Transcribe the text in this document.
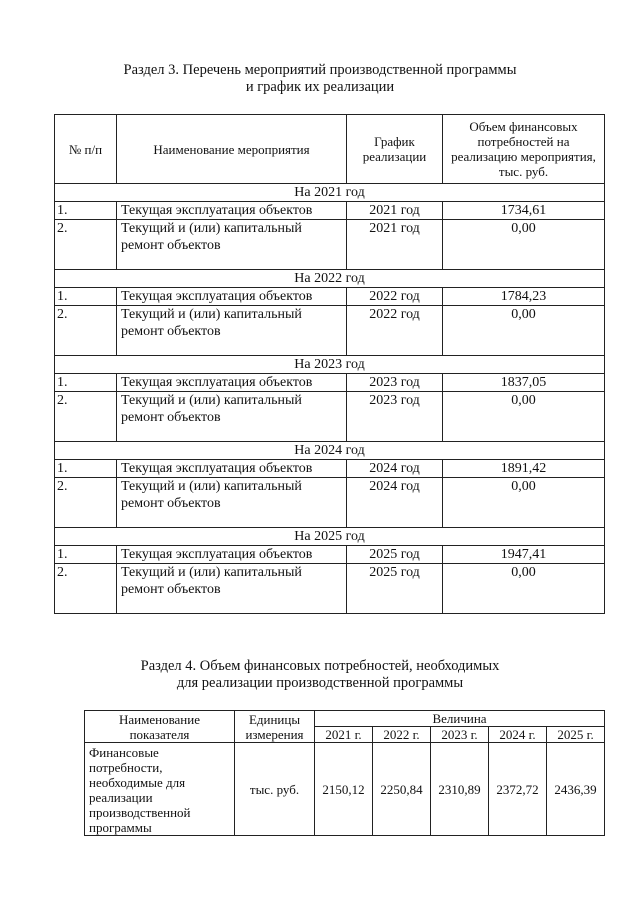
Раздел 3. Перечень мероприятий производственной программы
и график их реализации
№ п/п	Наименование мероприятия	График реализации	Объем финансовых потребностей на реализацию мероприятия, тыс. руб.
На 2021 год			
1.	Текущая эксплуатация объектов	2021 год	1734,61
2.	Текущий и (или) капитальный ремонт объектов	2021 год	0,00
На 2022 год			
1.	Текущая эксплуатация объектов	2022 год	1784,23
2.	Текущий и (или) капитальный ремонт объектов	2022 год	0,00
На 2023 год			
1.	Текущая эксплуатация объектов	2023 год	1837,05
2.	Текущий и (или) капитальный ремонт объектов	2023 год	0,00
На 2024 год			
1.	Текущая эксплуатация объектов	2024 год	1891,42
2.	Текущий и (или) капитальный ремонт объектов	2024 год	0,00
На 2025 год			
1.	Текущая эксплуатация объектов	2025 год	1947,41
2.	Текущий и (или) капитальный ремонт объектов	2025 год	0,00
Раздел 4. Объем финансовых потребностей, необходимых
для реализации производственной программы
Наименование показателя	Единицы измерения	Величина				
		2021 г.	2022 г.	2023 г.	2024 г.	2025 г.
Финансовые потребности, необходимые для реализации производственной программы	тыс. руб.	2150,12	2250,84	2310,89	2372,72	2436,39
